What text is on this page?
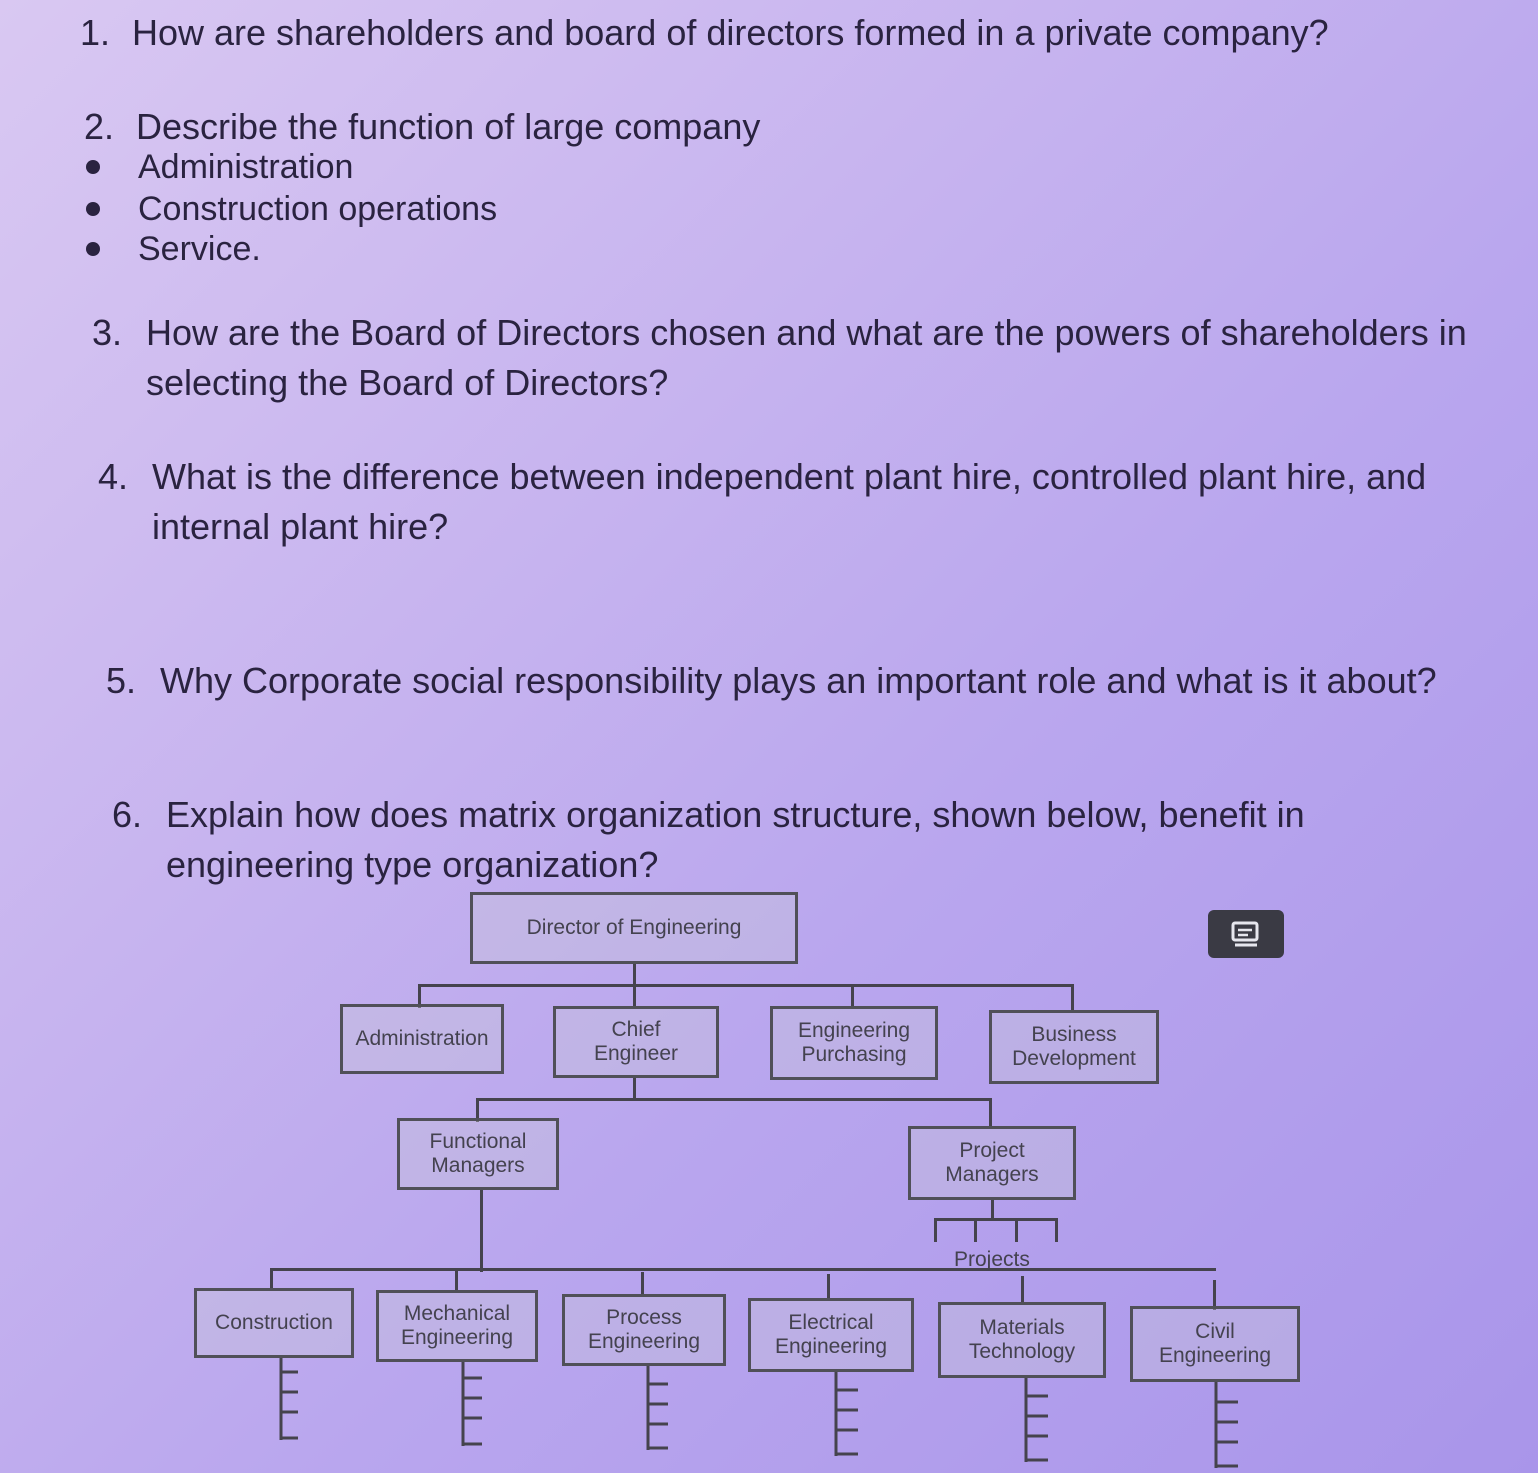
1. How are shareholders and board of directors formed in a private company?
2. Describe the function of large company
Administration
Construction operations
Service.
3. How are the Board of Directors chosen and what are the powers of shareholders in selecting the Board of Directors?
4. What is the difference between independent plant hire, controlled plant hire, and internal plant hire?
5. Why Corporate social responsibility plays an important role and what is it about?
6. Explain how does matrix organization structure, shown below, benefit in engineering type organization?
Director of Engineering
Administration	Chief
Engineer
Engineering
Purchasing
Business
Development
Functional
Managers
Project
Managers
Projects
Construction	Mechanical
Engineering
Process
Engineering
Electrical
Engineering
Materials
Technology
Civil
Engineering
